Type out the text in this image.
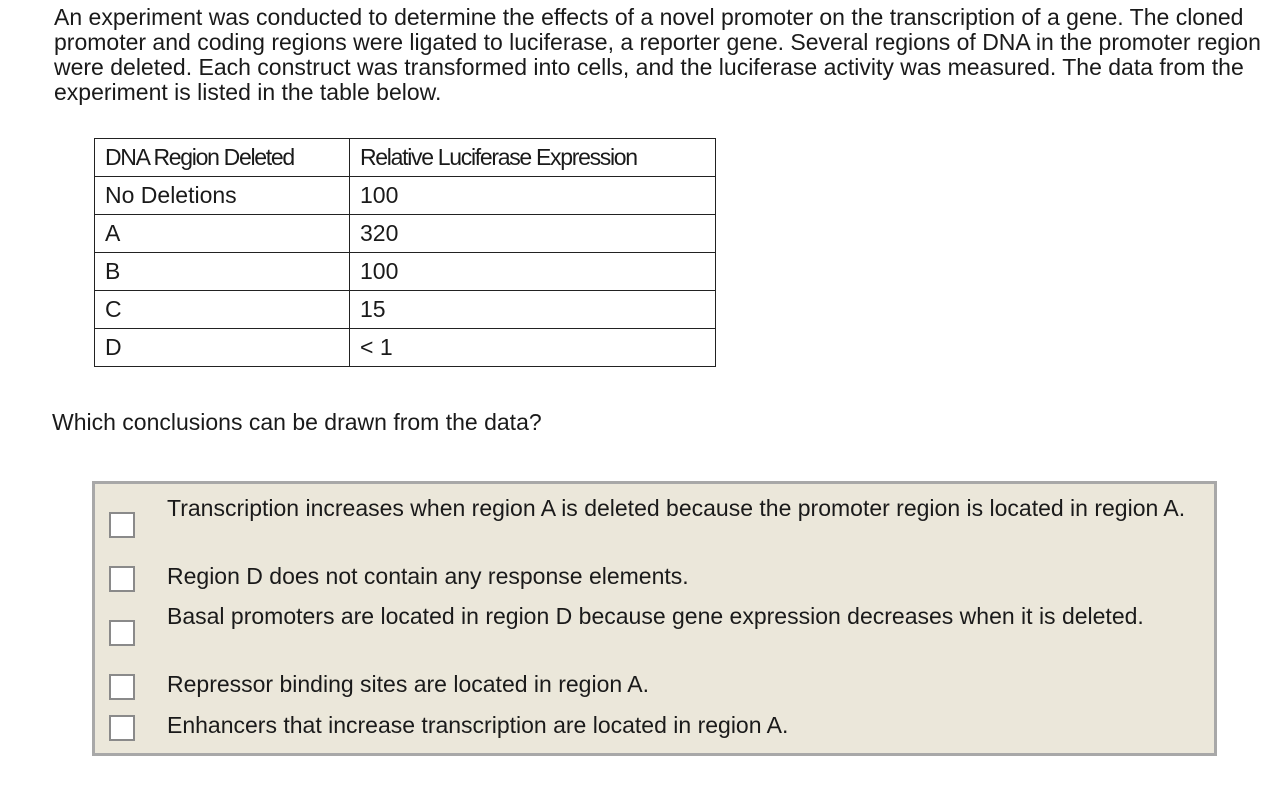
An experiment was conducted to determine the effects of a novel promoter on the transcription of a gene. The cloned promoter and coding regions were ligated to luciferase, a reporter gene. Several regions of DNA in the promoter region were deleted. Each construct was transformed into cells, and the luciferase activity was measured. The data from the experiment is listed in the table below.

DNA Region Deleted	Relative Luciferase Expression
No Deletions	100
A	320
B	100
C	15
D	< 1

Which conclusions can be drawn from the data?

Transcription increases when region A is deleted because the promoter region is located in region A.
Region D does not contain any response elements.
Basal promoters are located in region D because gene expression decreases when it is deleted.
Repressor binding sites are located in region A.
Enhancers that increase transcription are located in region A.
